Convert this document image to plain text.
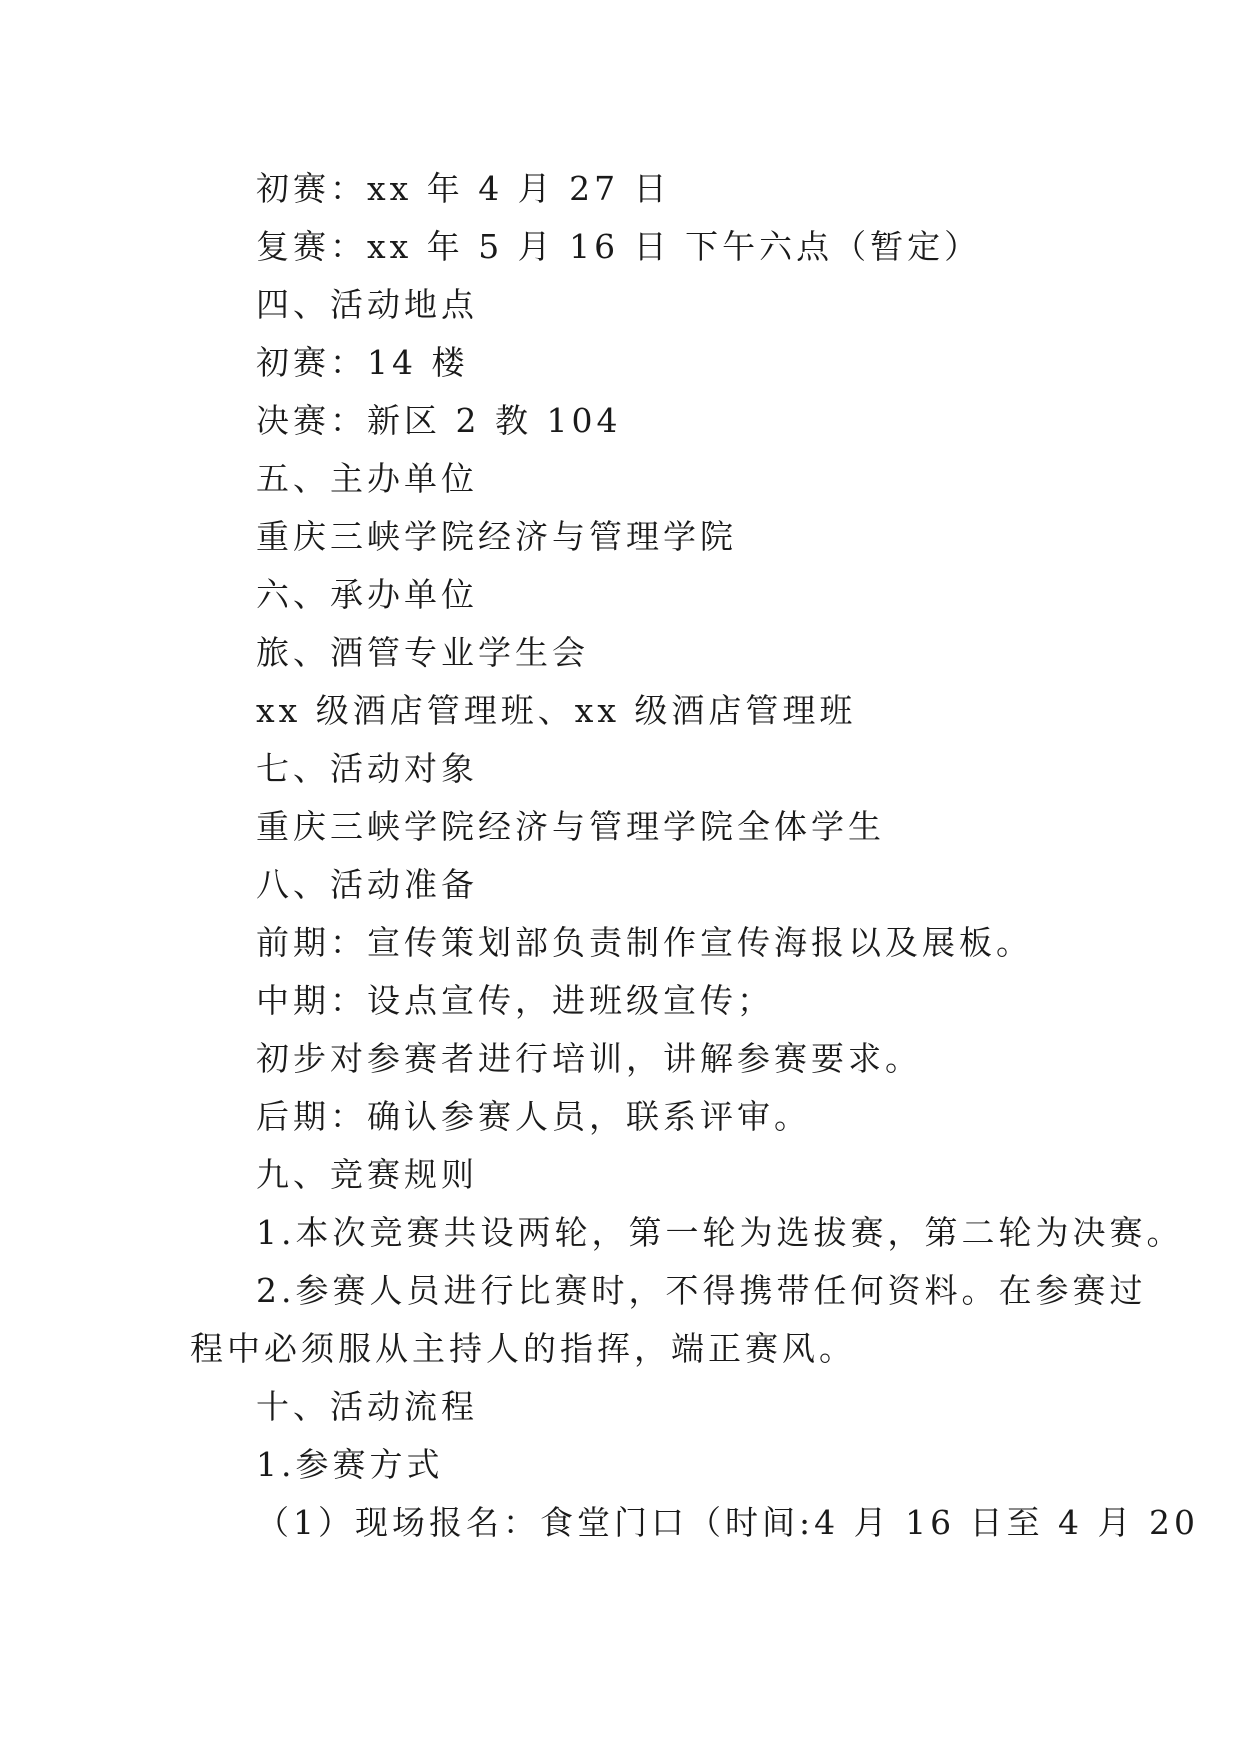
初赛：xx 年 4 月 27 日
复赛：xx 年 5 月 16 日 下午六点（暂定）
四、活动地点
初赛：14 楼
决赛：新区 2 教 104
五、主办单位
重庆三峡学院经济与管理学院
六、承办单位
旅、酒管专业学生会
xx 级酒店管理班、xx 级酒店管理班
七、活动对象
重庆三峡学院经济与管理学院全体学生
八、活动准备
前期：宣传策划部负责制作宣传海报以及展板。
中期：设点宣传，进班级宣传；
初步对参赛者进行培训，讲解参赛要求。
后期：确认参赛人员，联系评审。
九、竞赛规则
1.本次竞赛共设两轮，第一轮为选拔赛，第二轮为决赛。
2.参赛人员进行比赛时，不得携带任何资料。在参赛过
程中必须服从主持人的指挥，端正赛风。
十、活动流程
1.参赛方式
（1）现场报名：食堂门口（时间:4 月 16 日至 4 月 20
